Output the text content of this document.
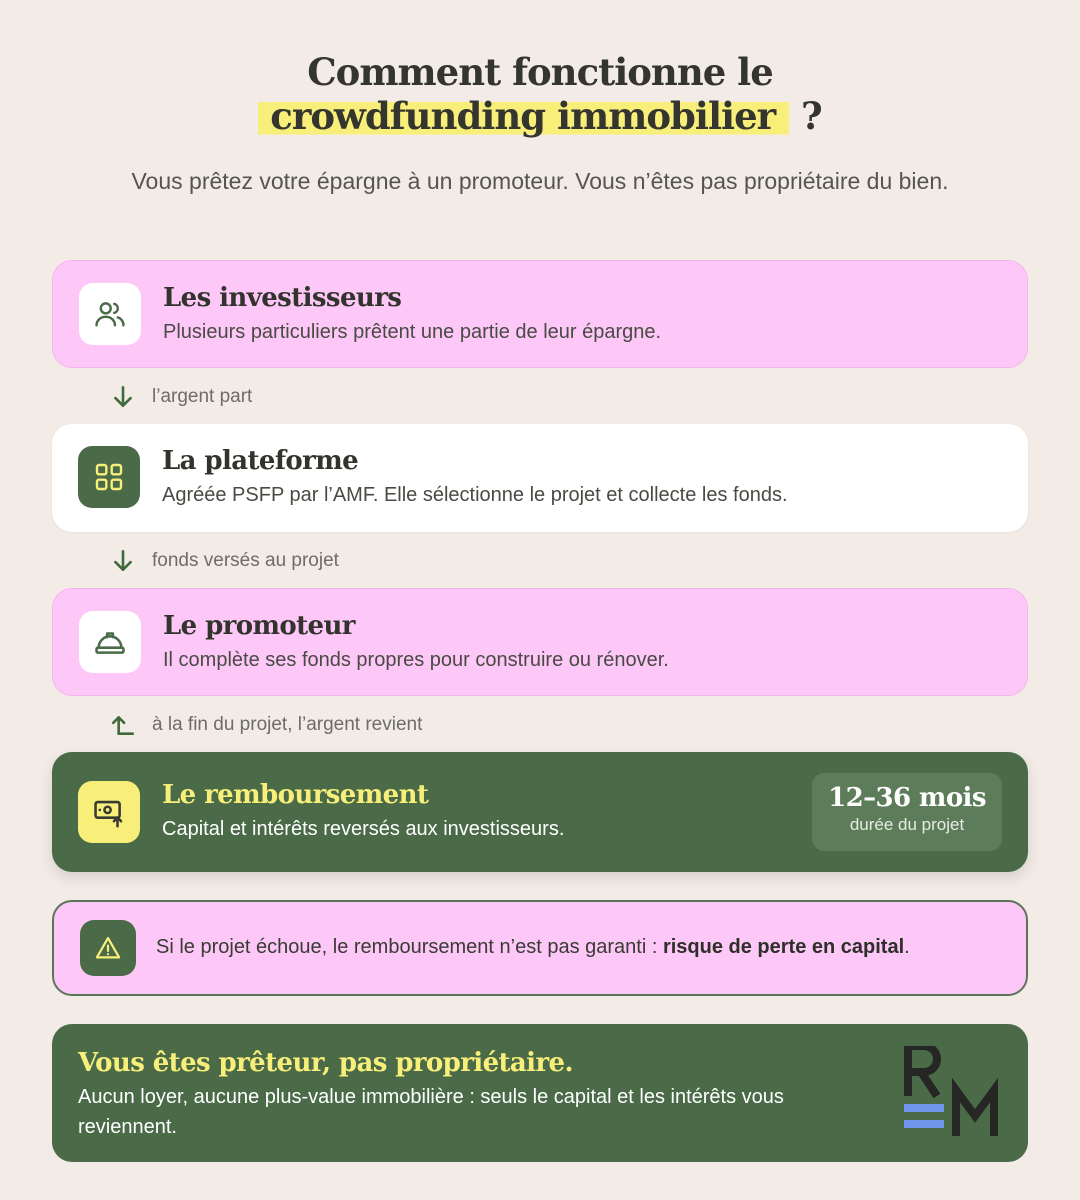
Comment fonctionne le
crowdfunding immobilier ?
Vous prêtez votre épargne à un promoteur. Vous n’êtes pas propriétaire du bien.
Les investisseurs
Plusieurs particuliers prêtent une partie de leur épargne.
l’argent part
La plateforme
Agréée PSFP par l’AMF. Elle sélectionne le projet et collecte les fonds.
fonds versés au projet
Le promoteur
Il complète ses fonds propres pour construire ou rénover.
à la fin du projet, l’argent revient
Le remboursement
Capital et intérêts reversés aux investisseurs.
12–36 mois
durée du projet
Si le projet échoue, le remboursement n’est pas garanti : risque de perte en capital.
Vous êtes prêteur, pas propriétaire.
Aucun loyer, aucune plus-value immobilière : seuls le capital et les intérêts vous reviennent.
